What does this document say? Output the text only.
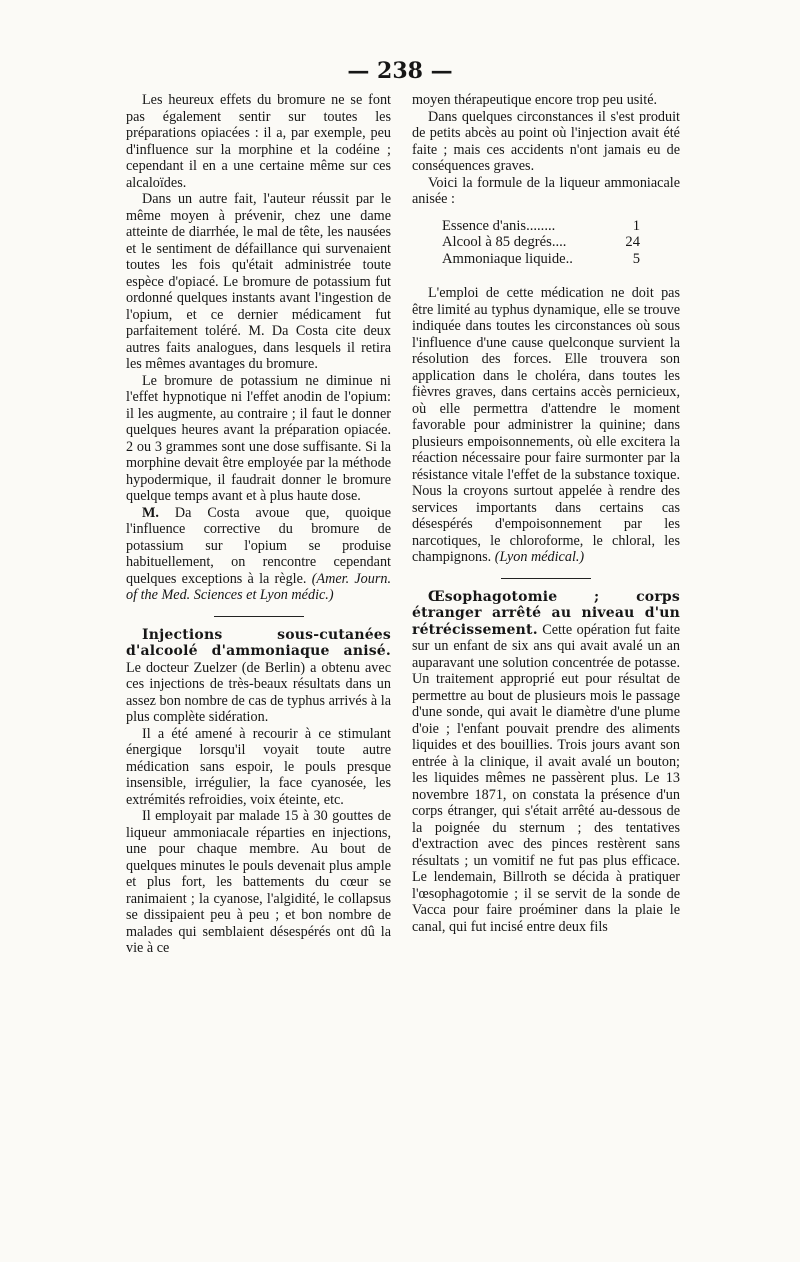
— 238 —

Les heureux effets du bromure ne se font pas également sentir sur toutes les préparations opiacées : il a, par exemple, peu d'influence sur la morphine et la codéine ; cependant il en a une certaine même sur ces alcaloïdes.

Dans un autre fait, l'auteur réussit par le même moyen à prévenir, chez une dame atteinte de diarrhée, le mal de tête, les nausées et le sentiment de défaillance qui survenaient toutes les fois qu'était administrée toute espèce d'opiacé. Le bromure de potassium fut ordonné quelques instants avant l'ingestion de l'opium, et ce dernier médicament fut parfaitement toléré. M. Da Costa cite deux autres faits analogues, dans lesquels il retira les mêmes avantages du bromure.

Le bromure de potassium ne diminue ni l'effet hypnotique ni l'effet anodin de l'opium: il les augmente, au contraire ; il faut le donner quelques heures avant la préparation opiacée. 2 ou 3 grammes sont une dose suffisante. Si la morphine devait être employée par la méthode hypodermique, il faudrait donner le bromure quelque temps avant et à plus haute dose.

M. Da Costa avoue que, quoique l'influence corrective du bromure de potassium sur l'opium se produise habituellement, on rencontre cependant quelques exceptions à la règle. (Amer. Journ. of the Med. Sciences et Lyon médic.)

Injections sous-cutanées d'alcoolé d'ammoniaque anisé. Le docteur Zuelzer (de Berlin) a obtenu avec ces injections de très-beaux résultats dans un assez bon nombre de cas de typhus arrivés à la plus complète sidération.

Il a été amené à recourir à ce stimulant énergique lorsqu'il voyait toute autre médication sans espoir, le pouls presque insensible, irrégulier, la face cyanosée, les extrémités refroidies, voix éteinte, etc.

Il employait par malade 15 à 30 gouttes de liqueur ammoniacale réparties en injections, une pour chaque membre. Au bout de quelques minutes le pouls devenait plus ample et plus fort, les battements du cœur se ranimaient ; la cyanose, l'algidité, le collapsus se dissipaient peu à peu ; et bon nombre de malades qui semblaient désespérés ont dû la vie à ce

moyen thérapeutique encore trop peu usité.

Dans quelques circonstances il s'est produit de petits abcès au point où l'injection avait été faite ; mais ces accidents n'ont jamais eu de conséquences graves.

Voici la formule de la liqueur ammoniacale anisée :

Essence d'anis........	1
Alcool à 85 degrés....	24
Ammoniaque liquide..	5

L'emploi de cette médication ne doit pas être limité au typhus dynamique, elle se trouve indiquée dans toutes les circonstances où sous l'influence d'une cause quelconque survient la résolution des forces. Elle trouvera son application dans le choléra, dans toutes les fièvres graves, dans certains accès pernicieux, où elle permettra d'attendre le moment favorable pour administrer la quinine; dans plusieurs empoisonnements, où elle excitera la réaction nécessaire pour faire surmonter par la résistance vitale l'effet de la substance toxique. Nous la croyons surtout appelée à rendre des services importants dans certains cas désespérés d'empoisonnement par les narcotiques, le chloroforme, le chloral, les champignons. (Lyon médical.)

Œsophagotomie ; corps étranger arrêté au niveau d'un rétrécissement. Cette opération fut faite sur un enfant de six ans qui avait avalé un an auparavant une solution concentrée de potasse. Un traitement approprié eut pour résultat de permettre au bout de plusieurs mois le passage d'une sonde, qui avait le diamètre d'une plume d'oie ; l'enfant pouvait prendre des aliments liquides et des bouillies. Trois jours avant son entrée à la clinique, il avait avalé un bouton; les liquides mêmes ne passèrent plus. Le 13 novembre 1871, on constata la présence d'un corps étranger, qui s'était arrêté au-dessous de la poignée du sternum ; des tentatives d'extraction avec des pinces restèrent sans résultats ; un vomitif ne fut pas plus efficace. Le lendemain, Billroth se décida à pratiquer l'œsophagotomie ; il se servit de la sonde de Vacca pour faire proéminer dans la plaie le canal, qui fut incisé entre deux fils
